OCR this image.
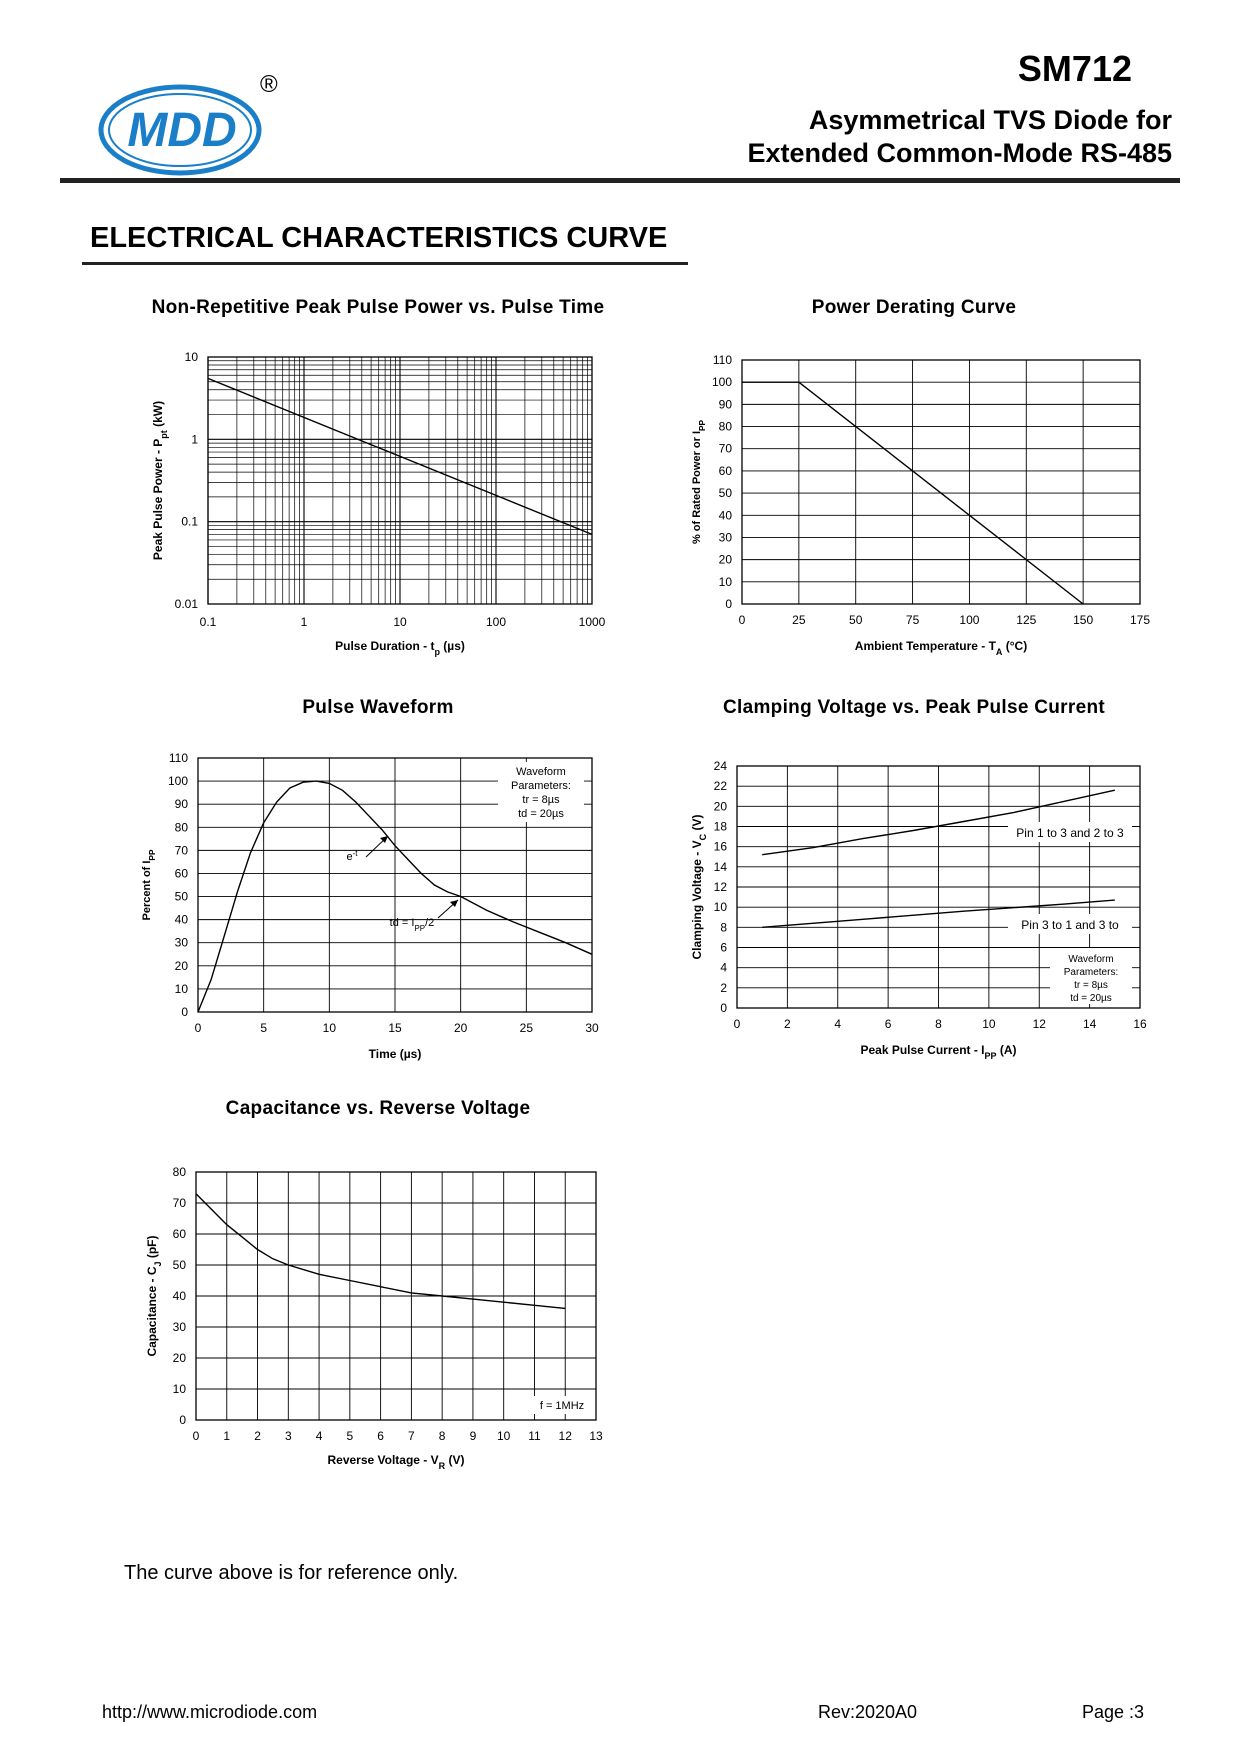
MDD
®	SM712
Asymmetrical TVS Diode for
Extended Common-Mode RS-485
ELECTRICAL CHARACTERISTICS CURVE
Non-Repetitive Peak Pulse Power vs. Pulse Time	Power Derating Curve
Pulse Waveform	Clamping Voltage vs. Peak Pulse Current
Capacitance vs. Reverse Voltage
0.1	1	10	100	1000
0.01
0.1
1
10
Pulse Duration - $t_p$ (µs)
Peak Pulse Power - $P_{pt}$ (kW)
0	25	50	75	100	125	150	175
0
10
20
30
40
50
60
70
80
90
100
110
Ambient Temperature - $T_A$ (°C)
% of Rated Power or $I_{PP}$
0	5	10	15	20	25	30
0
10
20
30
40
50
60
70
80
90
100
110
Waveform
Parameters:
tr = 8µs
td = 20µs
$e^{-t}$
td = $I_{PP}/2$
Time (µs)
Percent of $I_{PP}$
0	2	4	6	8	10	12	14	16
0
2
4
6
8
10
12
14
16
18
20
22
24
Pin 1 to 3 and 2 to 3
Pin 3 to 1 and 3 to
Waveform
Parameters:
tr = 8µs
td = 20µs
Peak Pulse Current - $I_{PP}$ (A)
Clamping Voltage - $V_C$ (V)
0 1 2 3 4 5 6 7 8 9 10 11 12 13
0
10
20
30
40
50
60
70
80
f = 1MHz
Reverse Voltage - $V_R$ (V)
Capacitance - $C_J$ (pF)
The curve above is for reference only.
http://www.microdiode.com	Rev:2020A0	Page :3
